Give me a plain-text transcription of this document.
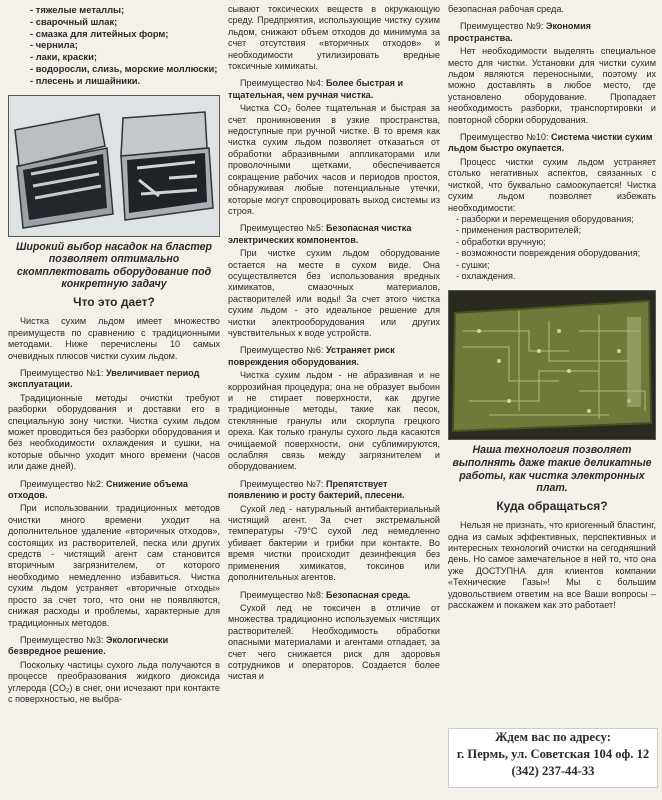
- тяжелые металлы;
- сварочный шлак;
- смазка для литейных форм;
- чернила;
- лаки, краски;
- водоросли, слизь, морские моллюски;
- плесень и лишайники.
Широкий выбор насадок на бластер позволяет оптимально скомплектовать оборудование под конкретную задачу
Что это дает?

Чистка сухим льдом имеет множество преимуществ по сравнению с традиционными методами. Ниже перечислены 10 самых очевидных плюсов чистки сухим льдом.

Преимущество №1: Увеличивает период эксплуатации.

Традиционные методы очистки требуют разборки оборудования и доставки его в специальную зону чистки. Чистка сухим льдом может проводиться без разборки оборудования и без необходимости охлаждения и сушки, на которые обычно уходит много времени (часов или даже дней).

Преимущество №2: Снижение объема отходов.

При использовании традиционных методов очистки много времени уходит на дополнительное удаление «вторичных отходов», состоящих из растворителей, песка или других средств - чистящий агент сам становится вторичным загрязнителем, от которого необходимо немедленно избавиться. Чистка сухим льдом устраняет «вторичные отходы» просто за счет того, что они не появляются, снижая расходы и проблемы, характерные для традиционных методов.

Преимущество №3: Экологически безвредное решение.

Поскольку частицы сухого льда получаются в процессе преобразования жидкого диоксида углерода (CO₂) в снег, они исчезают при контакте с поверхностью, не выбра-

сывают токсических веществ в окружающую среду. Предприятия, использующие чистку сухим льдом, снижают объем отходов до минимума за счет отсутствия «вторичных отходов» и необходимости утилизировать вредные токсичные химикаты.

Преимущество №4: Более быстрая и тщательная, чем ручная чистка.

Чистка CO₂ более тщательная и быстрая за счет проникновения в узкие пространства, недоступные при ручной чистке. В то время как чистка сухим льдом позволяет отказаться от обработки абразивными аппликаторами или проволочными щетками, обеспечивается сокращение рабочих часов и периодов простоя, обнаруживая любые потенциальные утечки, которые могут спровоцировать выход системы из строя.

Преимущество №5: Безопасная чистка электрических компонентов.

При чистке сухим льдом оборудование остается на месте в сухом виде. Она осуществляется без использования вредных химикатов, смазочных материалов, растворителей или воды! За счет этого чистка сухим льдом - это идеальное решение для чистки электрооборудования или других чувствительных к воде устройств.

Преимущество №6: Устраняет риск повреждения оборудования.

Чистка сухим льдом - не абразивная и не коррозийная процедура; она не образует выбоин и не стирает поверхности, как другие традиционные методы, такие как песок, стеклянные гранулы или скорлупа грецкого ореха. Как только гранулы сухого льда касаются очищаемой поверхности, они сублимируются, ослабляя связь между загрязнителем и оборудованием.

Преимущество №7: Препятствует появлению и росту бактерий, плесени.

Сухой лед - натуральный антибактериальный чистящий агент. За счет экстремальной температуры -79°C сухой лед немедленно убивает бактерии и грибки при контакте. Во время чистки происходит дезинфекция без применения химикатов, токсинов или дополнительных агентов.

Преимущество №8: Безопасная среда.

Сухой лед не токсичен в отличие от множества традиционно используемых чистящих растворителей. Необходимость обработки опасными материалами и агентами отпадает, за счет чего снижается риск для здоровья сотрудников и операторов. Создается более чистая и

безопасная рабочая среда.

Преимущество №9: Экономия пространства.

Нет необходимости выделять специальное место для чистки. Установки для чистки сухим льдом являются переносными, поэтому их можно доставлять в любое место, где установлено оборудование. Пропадает необходимость разборки, транспортировки и повторной сборки оборудования.

Преимущество №10: Система чистки сухим льдом быстро окупается.

Процесс чистки сухим льдом устраняет столько негативных аспектов, связанных с чисткой, что буквально самоокупается! Чистка сухим льдом позволяет избежать необходимости:

- разборки и перемещения оборудования;

- применения растворителей;

- обработки вручную;

- возможности повреждения оборудования;

- сушки;

- охлаждения.

Наша технология позволяет выполнять даже такие деликатные работы, как чистка электронных плат.
Куда обращаться?

Нельзя не признать, что криогенный бластинг, одна из самых эффективных, перспективных и интересных технологий очистки на сегодняшний день. Но самое замечательное в ней то, что она уже ДОСТУПНА для клиентов компании «Технические Газы»! Мы с большим удовольствием ответим на все Ваши вопросы – расскажем и покажем как это работает!

Ждем вас по адресу:
г. Пермь, ул. Советская 104 оф. 12
(342) 237-44-33
